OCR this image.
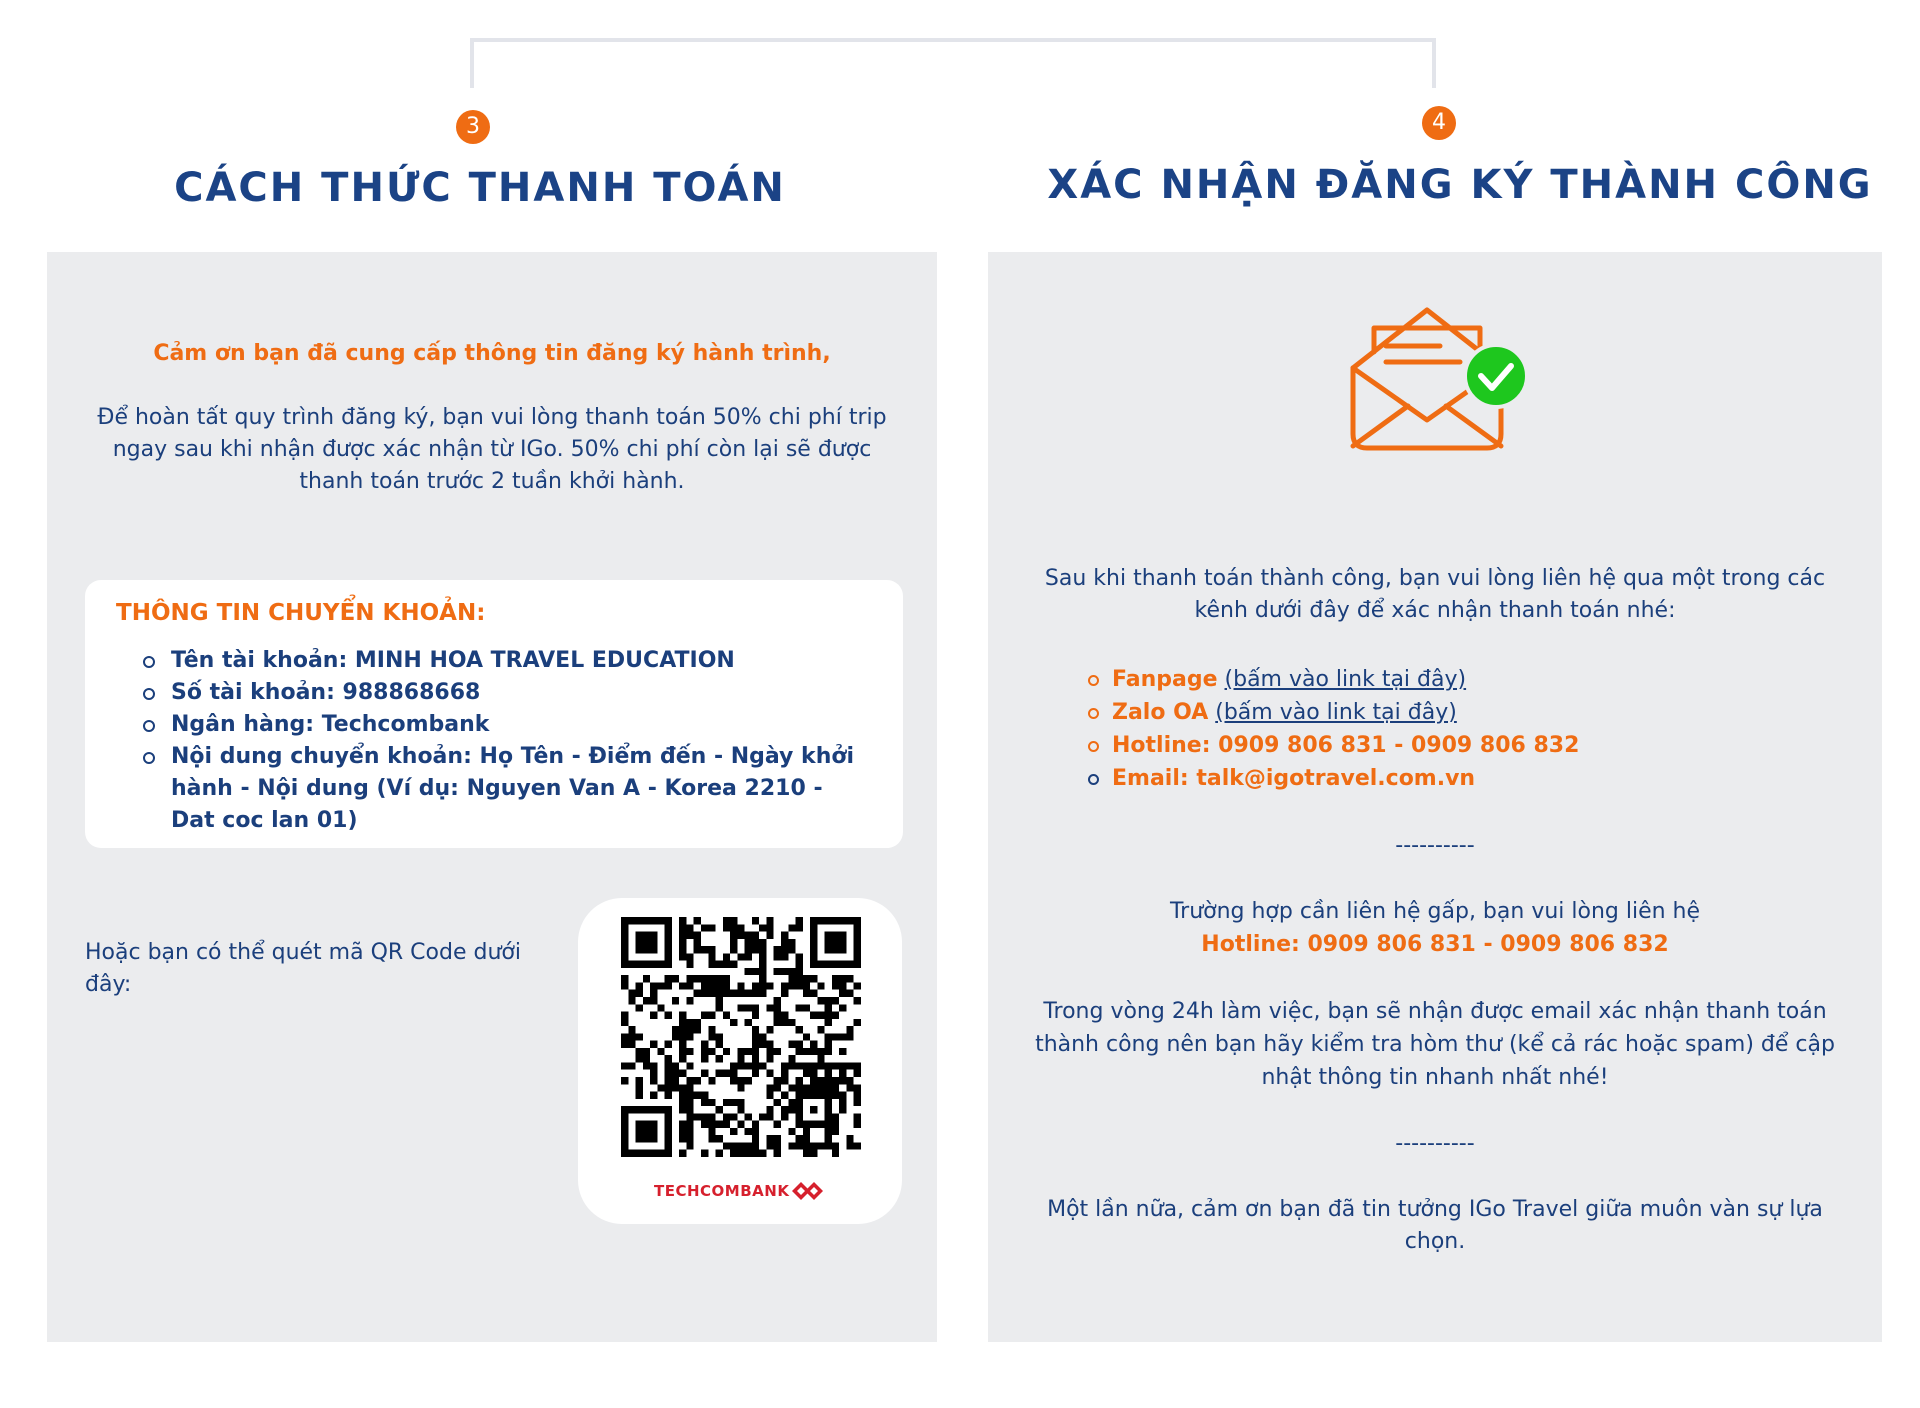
3	4
CÁCH THỨC THANH TOÁN	XÁC NHẬN ĐĂNG KÝ THÀNH CÔNG
Cảm ơn bạn đã cung cấp thông tin đăng ký hành trình,
Để hoàn tất quy trình đăng ký, bạn vui lòng thanh toán 50% chi phí trip ngay sau khi nhận được xác nhận từ IGo. 50% chi phí còn lại sẽ được thanh toán trước 2 tuần khởi hành.
THÔNG TIN CHUYỂN KHOẢN:
Tên tài khoản: MINH HOA TRAVEL EDUCATION
Số tài khoản: 988868668
Ngân hàng: Techcombank
Nội dung chuyển khoản: Họ Tên - Điểm đến - Ngày khởi hành - Nội dung (Ví dụ: Nguyen Van A - Korea 2210 - Dat coc lan 01)
Hoặc bạn có thể quét mã QR Code dưới đây:
TECHCOMBANK
Sau khi thanh toán thành công, bạn vui lòng liên hệ qua một trong các kênh dưới đây để xác nhận thanh toán nhé:
Fanpage (bấm vào link tại đây)
Zalo OA (bấm vào link tại đây)
Hotline: 0909 806 831 - 0909 806 832
Email: talk@igotravel.com.vn
----------
Trường hợp cần liên hệ gấp, bạn vui lòng liên hệ
Hotline: 0909 806 831 - 0909 806 832
Trong vòng 24h làm việc, bạn sẽ nhận được email xác nhận thanh toán thành công nên bạn hãy kiểm tra hòm thư (kể cả rác hoặc spam) để cập nhật thông tin nhanh nhất nhé!
----------
Một lần nữa, cảm ơn bạn đã tin tưởng IGo Travel giữa muôn vàn sự lựa chọn.
